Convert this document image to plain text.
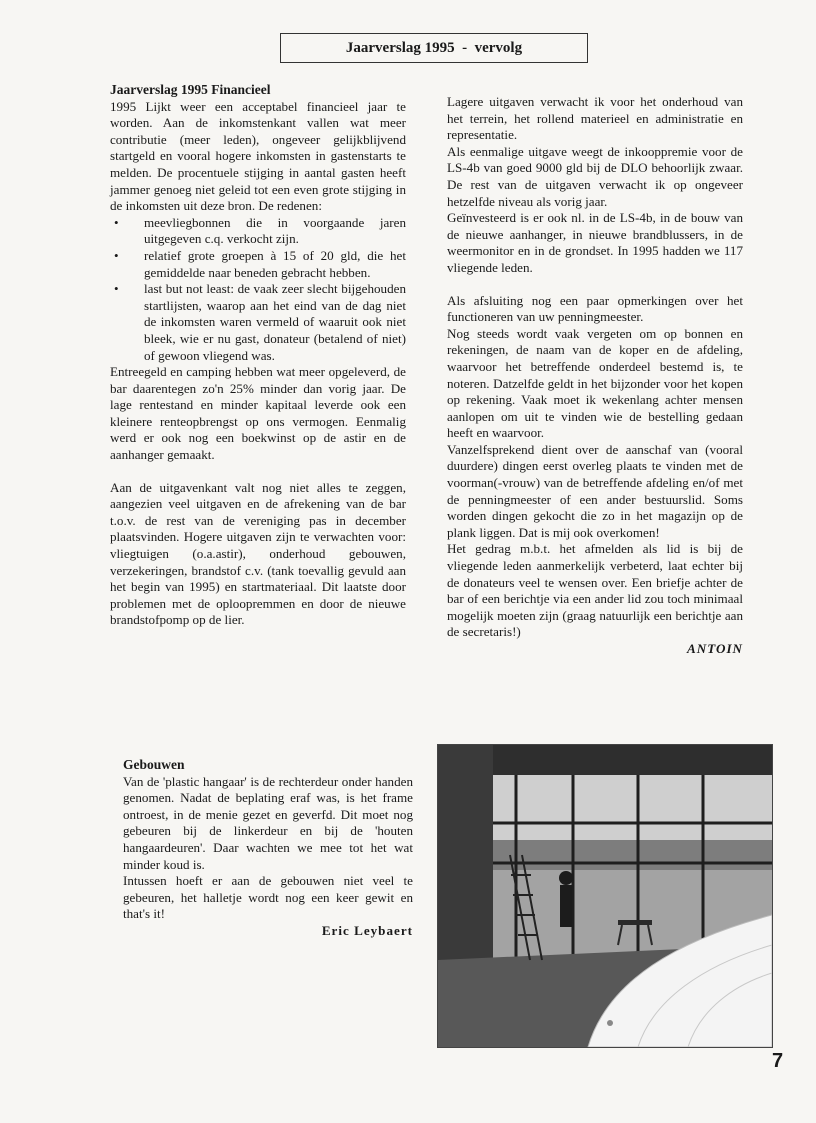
Jaarverslag 1995  -  vervolg

Jaarverslag 1995 Financieel

1995 Lijkt weer een acceptabel financieel jaar te worden. Aan de inkomstenkant vallen wat meer contributie (meer leden), ongeveer gelijkblijvend startgeld en vooral hogere inkomsten in gastenstarts te melden. De procentuele stijging in aantal gasten heeft jammer genoeg niet geleid tot een even grote stijging in de inkomsten uit deze bron. De redenen:

• meevliegbonnen die in voorgaande jaren uitgegeven c.q. verkocht zijn.
• relatief grote groepen à 15 of 20 gld, die het gemiddelde naar beneden gebracht hebben.
• last but not least: de vaak zeer slecht bijgehouden startlijsten, waarop aan het eind van de dag niet de inkomsten waren vermeld of waaruit ook niet bleek, wie er nu gast, donateur (betalend of niet) of gewoon vliegend was.

Entreegeld en camping hebben wat meer opgeleverd, de bar daarentegen zo'n 25% minder dan vorig jaar. De lage rentestand en minder kapitaal leverde ook een kleinere renteopbrengst op ons vermogen. Eenmalig werd er ook nog een boekwinst op de astir en de aanhanger gemaakt.

Aan de uitgavenkant valt nog niet alles te zeggen, aangezien veel uitgaven en de afrekening van de bar t.o.v. de rest van de vereniging pas in december plaatsvinden. Hogere uitgaven zijn te verwachten voor: vliegtuigen (o.a.astir), onderhoud gebouwen, verzekeringen, brandstof c.v. (tank toevallig gevuld aan het begin van 1995) en startmateriaal. Dit laatste door problemen met de oploopremmen en door de nieuwe brandstofpomp op de lier.

Gebouwen

Van de 'plastic hangaar' is de rechterdeur onder handen genomen. Nadat de beplating eraf was, is het frame ontroest, in de menie gezet en geverfd. Dit moet nog gebeuren bij de linkerdeur en bij de 'houten hangaardeuren'. Daar wachten we mee tot het wat minder koud is.

Intussen hoeft er aan de gebouwen niet veel te gebeuren, het halletje wordt nog een keer gewit en that's it!

Eric Leybaert

Lagere uitgaven verwacht ik voor het onderhoud van het terrein, het rollend materieel en administratie en representatie.

Als eenmalige uitgave weegt de inkooppremie voor de LS-4b van goed 9000 gld bij de DLO behoorlijk zwaar. De rest van de uitgaven verwacht ik op ongeveer hetzelfde niveau als vorig jaar.

Geïnvesteerd is er ook nl. in de LS-4b, in de bouw van de nieuwe aanhanger, in nieuwe brandblussers, in de weermonitor en in de grondset. In 1995 hadden we 117 vliegende leden.

Als afsluiting nog een paar opmerkingen over het functioneren van uw penningmeester.

Nog steeds wordt vaak vergeten om op bonnen en rekeningen, de naam van de koper en de afdeling, waarvoor het betreffende onderdeel bestemd is, te noteren. Datzelfde geldt in het bijzonder voor het kopen op rekening. Vaak moet ik wekenlang achter mensen aanlopen om uit te vinden wie de bestelling gedaan heeft en waarvoor.

Vanzelfsprekend dient over de aanschaf van (vooral duurdere) dingen eerst overleg plaats te vinden met de voorman(-vrouw) van de betreffende afdeling en/of met de penningmeester of een ander bestuurslid. Soms worden dingen gekocht die zo in het magazijn op de plank liggen. Dat is mij ook overkomen!

Het gedrag m.b.t. het afmelden als lid is bij de vliegende leden aanmerkelijk verbeterd, laat echter bij de donateurs veel te wensen over. Een briefje achter de bar of een berichtje via een ander lid zou toch minimaal mogelijk moeten zijn (graag natuurlijk een berichtje aan de secretaris!)

ANTOIN

7
